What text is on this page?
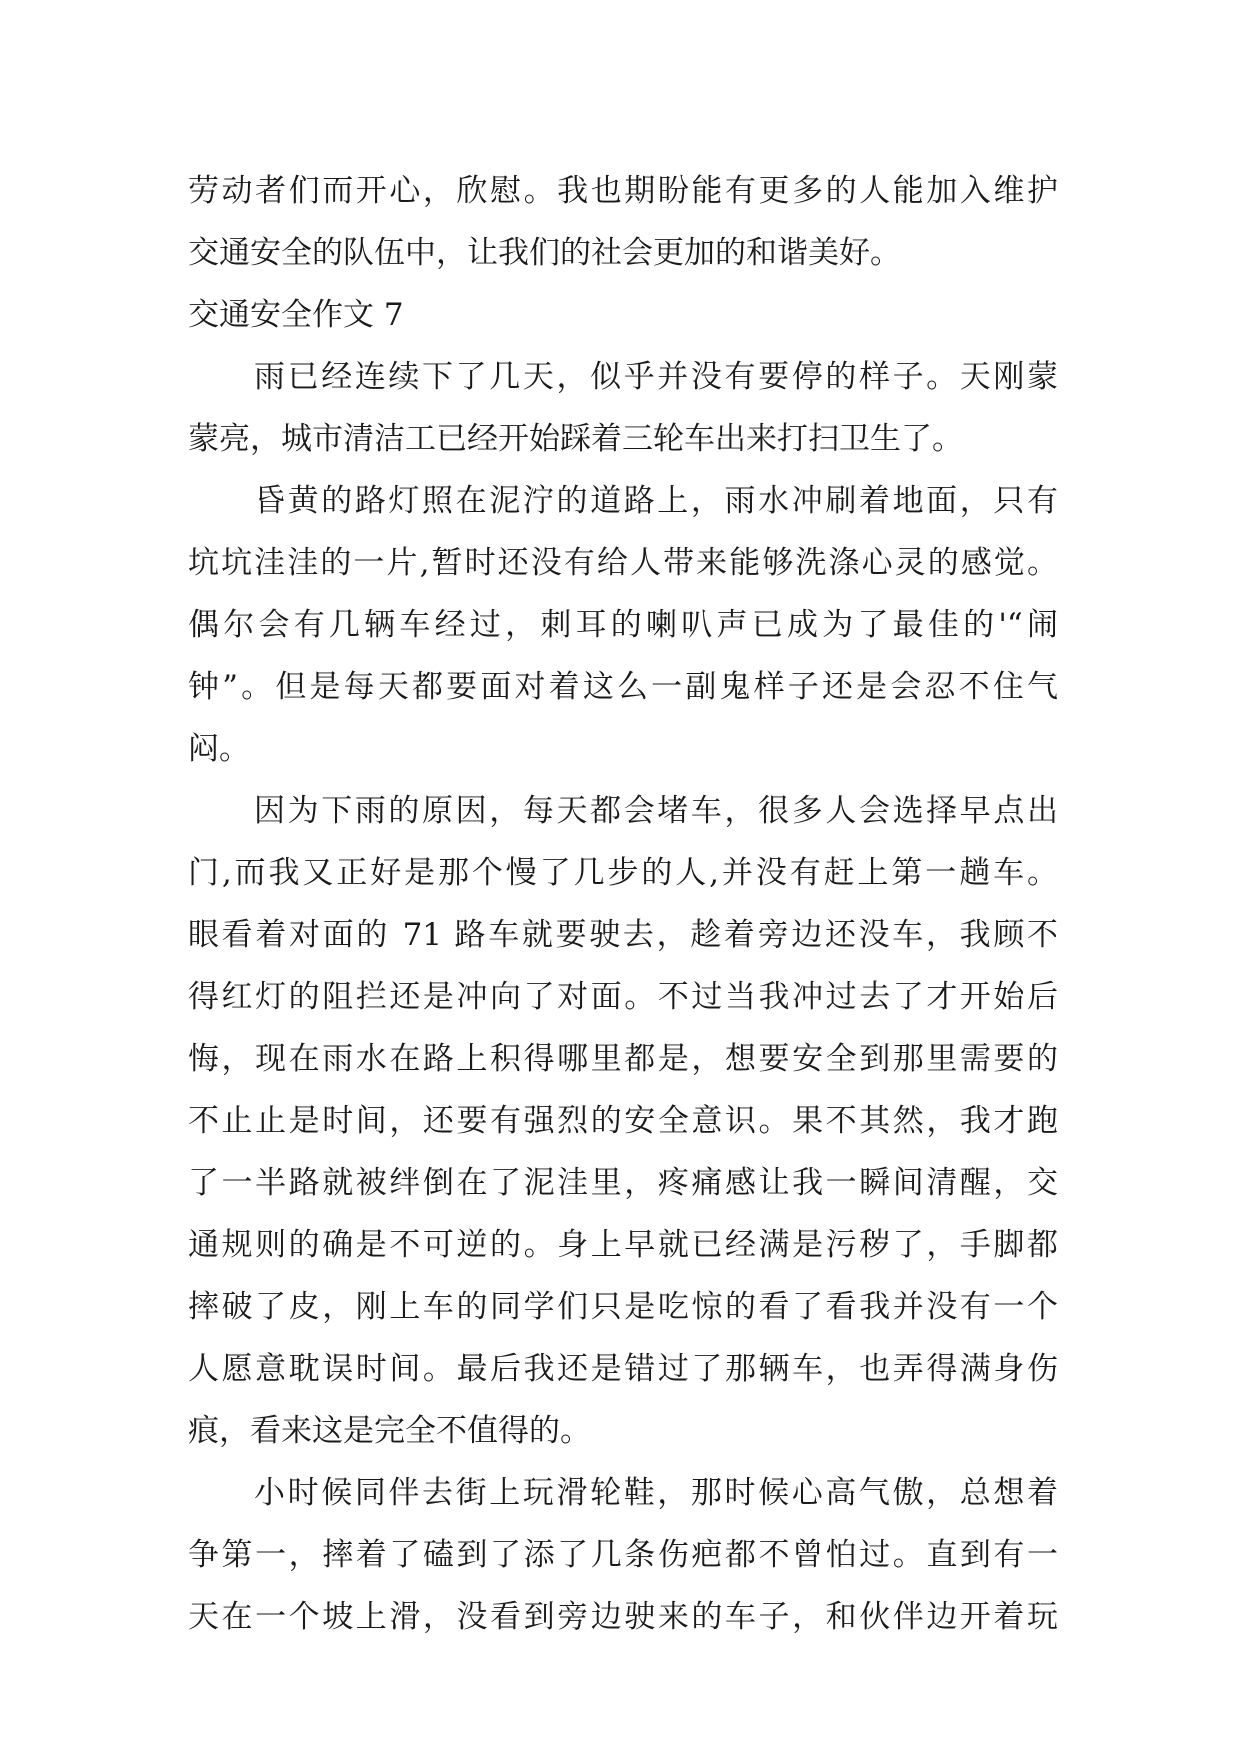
劳动者们而开心，欣慰。我也期盼能有更多的人能加入维护
交通安全的队伍中，让我们的社会更加的和谐美好。
交通安全作文 7
雨已经连续下了几天，似乎并没有要停的样子。天刚蒙
蒙亮，城市清洁工已经开始踩着三轮车出来打扫卫生了。
昏黄的路灯照在泥泞的道路上，雨水冲刷着地面，只有
坑坑洼洼的一片,暂时还没有给人带来能够洗涤心灵的感觉。
偶尔会有几辆车经过，刺耳的喇叭声已成为了最佳的'“闹
钟”。但是每天都要面对着这么一副鬼样子还是会忍不住气
闷。
因为下雨的原因，每天都会堵车，很多人会选择早点出
门,而我又正好是那个慢了几步的人,并没有赶上第一趟车。
眼看着对面的 71 路车就要驶去，趁着旁边还没车，我顾不
得红灯的阻拦还是冲向了对面。不过当我冲过去了才开始后
悔，现在雨水在路上积得哪里都是，想要安全到那里需要的
不止止是时间，还要有强烈的安全意识。果不其然，我才跑
了一半路就被绊倒在了泥洼里，疼痛感让我一瞬间清醒，交
通规则的确是不可逆的。身上早就已经满是污秽了，手脚都
摔破了皮，刚上车的同学们只是吃惊的看了看我并没有一个
人愿意耽误时间。最后我还是错过了那辆车，也弄得满身伤
痕，看来这是完全不值得的。
小时候同伴去街上玩滑轮鞋，那时候心高气傲，总想着
争第一，摔着了磕到了添了几条伤疤都不曾怕过。直到有一
天在一个坡上滑，没看到旁边驶来的车子，和伙伴边开着玩
